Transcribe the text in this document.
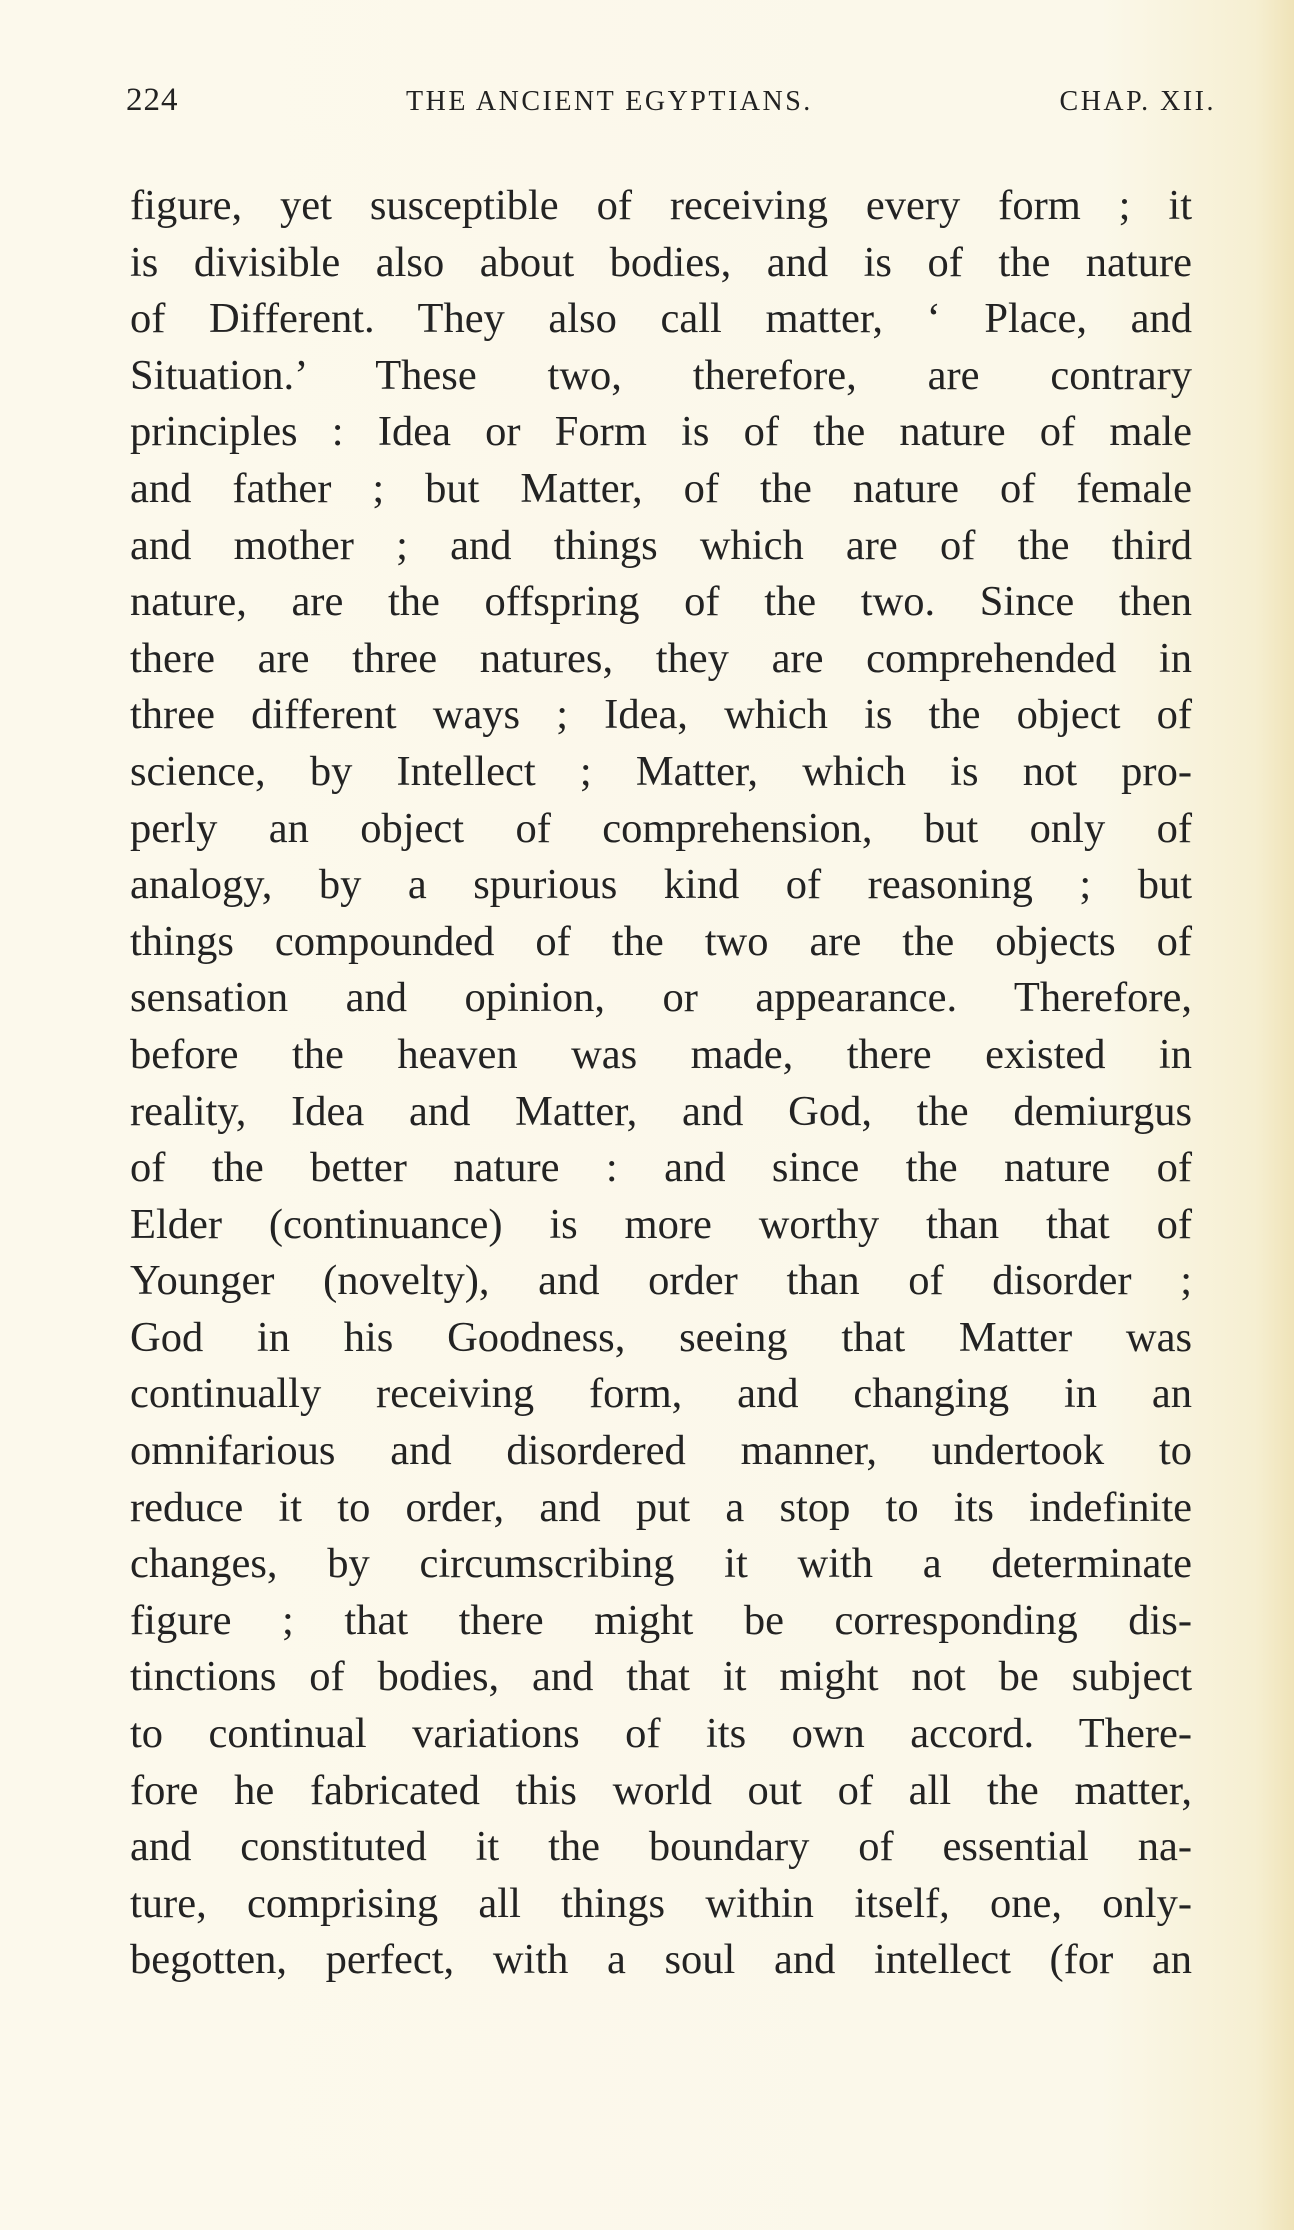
224	THE ANCIENT EGYPTIANS.	CHAP. XII.
figure, yet susceptible of receiving every form ; it
is divisible also about bodies, and is of the nature
of Different. They also call matter, ‘ Place, and
Situation.’ These two, therefore, are contrary
principles : Idea or Form is of the nature of male
and father ; but Matter, of the nature of female
and mother ; and things which are of the third
nature, are the offspring of the two. Since then
there are three natures, they are comprehended in
three different ways ; Idea, which is the object of
science, by Intellect ; Matter, which is not pro-
perly an object of comprehension, but only of
analogy, by a spurious kind of reasoning ; but
things compounded of the two are the objects of
sensation and opinion, or appearance. Therefore,
before the heaven was made, there existed in
reality, Idea and Matter, and God, the demiurgus
of the better nature : and since the nature of
Elder (continuance) is more worthy than that of
Younger (novelty), and order than of disorder ;
God in his Goodness, seeing that Matter was
continually receiving form, and changing in an
omnifarious and disordered manner, undertook to
reduce it to order, and put a stop to its indefinite
changes, by circumscribing it with a determinate
figure ; that there might be corresponding dis-
tinctions of bodies, and that it might not be subject
to continual variations of its own accord. There-
fore he fabricated this world out of all the matter,
and constituted it the boundary of essential na-
ture, comprising all things within itself, one, only-
begotten, perfect, with a soul and intellect (for an
